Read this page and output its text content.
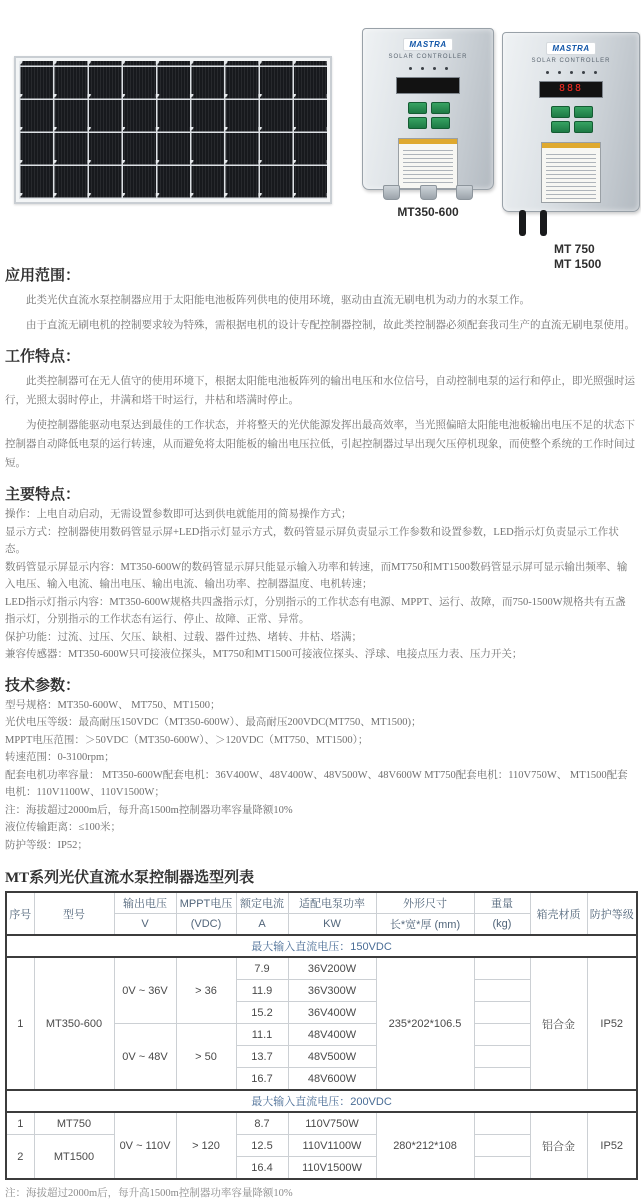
MASTRA
SOLAR CONTROLLER
MT350-600
MASTRA
SOLAR CONTROLLER
888
MT 750
MT 1500
应用范围：

此类光伏直流水泵控制器应用于太阳能电池板阵列供电的使用环境，驱动由直流无刷电机为动力的水泵工作。

由于直流无刷电机的控制要求较为特殊，需根据电机的设计专配控制器控制，故此类控制器必须配套我司生产的直流无刷电泵使用。

工作特点：

此类控制器可在无人值守的使用环境下，根据太阳能电池板阵列的输出电压和水位信号，自动控制电泵的运行和停止，即光照强时运行，光照太弱时停止，井满和塔干时运行，井枯和塔满时停止。

为使控制器能驱动电泵达到最佳的工作状态，并将整天的光伏能源发挥出最高效率，当光照偏暗太阳能电池板输出电压不足的状态下控制器自动降低电泵的运行转速，从而避免将太阳能板的输出电压拉低，引起控制器过早出现欠压停机现象，而使整个系统的工作时间过短。

主要特点：
操作：上电自动启动，无需设置参数即可达到供电就能用的简易操作方式；
显示方式：控制器使用数码管显示屏+LED指示灯显示方式，数码管显示屏负责显示工作参数和设置参数，LED指示灯负责显示工作状态。
数码管显示屏显示内容：MT350-600W的数码管显示屏只能显示输入功率和转速，而MT750和MT1500数码管显示屏可显示输出频率、输入电压、输入电流、输出电压、输出电流、输出功率、控制器温度、电机转速；
LED指示灯指示内容：MT350-600W规格共四盏指示灯，分别指示的工作状态有电源、MPPT、运行、故障，而750-1500W规格共有五盏指示灯，分别指示的工作状态有运行、停止、故障、正常、异常。
保护功能：过流、过压、欠压、缺相、过载、器件过热、堵转、井枯、塔满；
兼容传感器：MT350-600W只可接液位探头，MT750和MT1500可接液位探头、浮球、电接点压力表、压力开关；
技术参数：
型号规格：MT350-600W、 MT750、MT1500；
光伏电压等级：最高耐压150VDC（MT350-600W）、最高耐压200VDC(MT750、MT1500)；
MPPT电压范围：＞50VDC（MT350-600W）、＞120VDC（MT750、MT1500）；
转速范围：0-3100rpm；
配套电机功率容量： MT350-600W配套电机：36V400W、48V400W、48V500W、48V600W MT750配套电机：110V750W、 MT1500配套电机：110V1100W、110V1500W；
注：海拔超过2000m后，每升高1500m控制器功率容量降额10%
液位传输距离：≤100米；
防护等级：IP52；
MT系列光伏直流水泵控制器选型列表
序号	型号	输出电压	MPPT电压	额定电流	适配电泵功率	外形尺寸	重量	箱壳材质	防护等级
		V	(VDC)	A	KW	长*宽*厚 (mm)	(kg)		
最大输入直流电压：150VDC									
1	MT350-600	0V ~ 36V	> 36	7.9	36V200W	235*202*106.5		铝合金	IP52
				11.9	36V300W				
				15.2	36V400W				
		0V ~ 48V	> 50	11.1	48V400W				
				13.7	48V500W				
				16.7	48V600W				
最大输入直流电压：200VDC									
1	MT750	0V ~ 110V	> 120	8.7	110V750W	280*212*108		铝合金	IP52
2	MT1500			12.5	110V1100W				
				16.4	110V1500W				
注：海拔超过2000m后，每升高1500m控制器功率容量降额10%
